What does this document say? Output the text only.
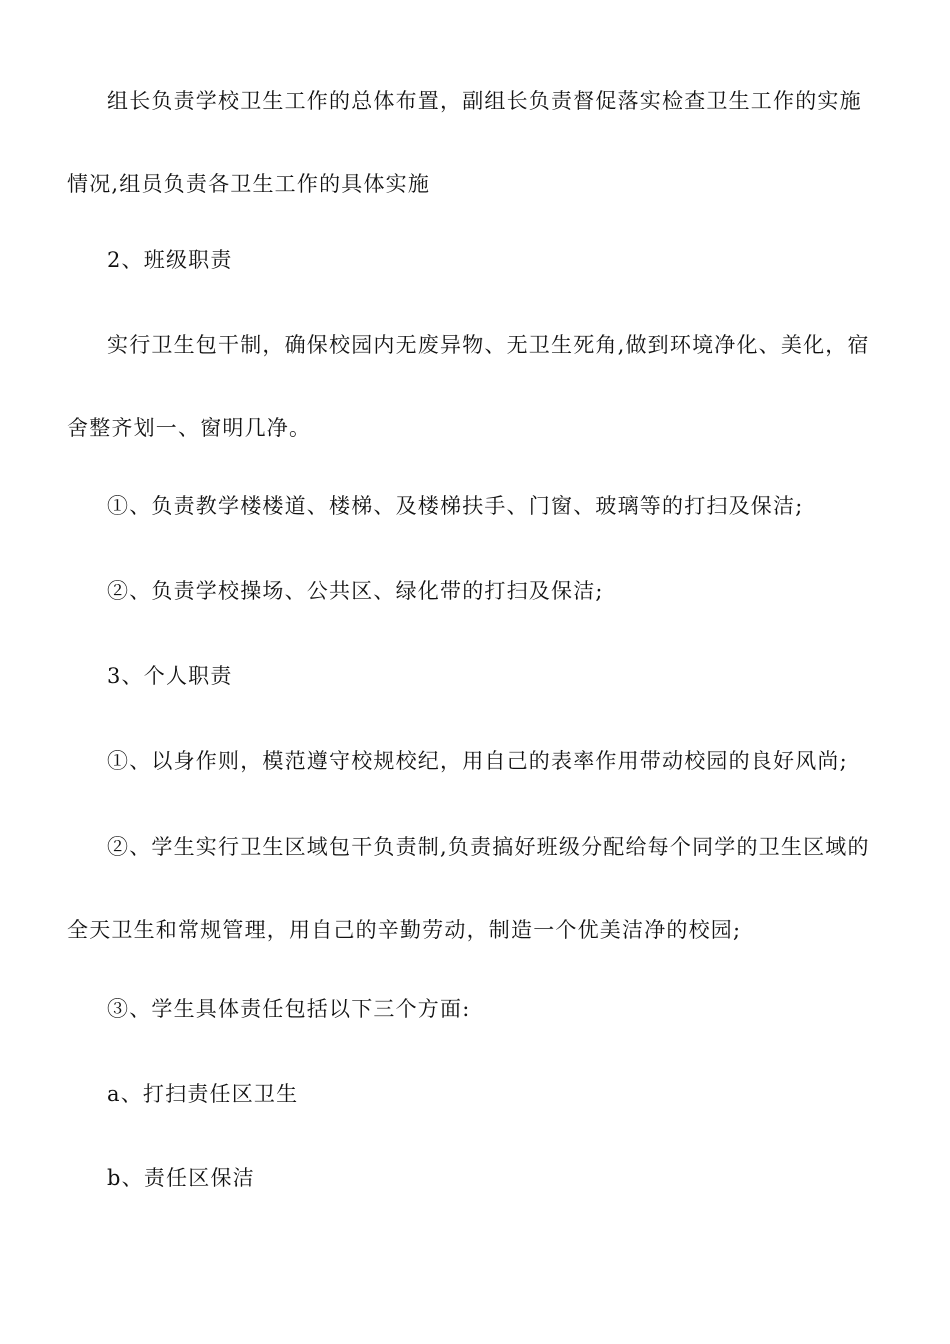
组长负责学校卫生工作的总体布置，副组长负责督促落实检查卫生工作的实施情况,组员负责各卫生工作的具体实施

2、班级职责

实行卫生包干制，确保校园内无废异物、无卫生死角,做到环境净化、美化，宿舍整齐划一、窗明几净。

①、负责教学楼楼道、楼梯、及楼梯扶手、门窗、玻璃等的打扫及保洁;

②、负责学校操场、公共区、绿化带的打扫及保洁;

3、个人职责

①、以身作则，模范遵守校规校纪，用自己的表率作用带动校园的良好风尚;

②、学生实行卫生区域包干负责制,负责搞好班级分配给每个同学的卫生区域的全天卫生和常规管理，用自己的辛勤劳动，制造一个优美洁净的校园;

③、学生具体责任包括以下三个方面:

a、打扫责任区卫生

b、责任区保洁
